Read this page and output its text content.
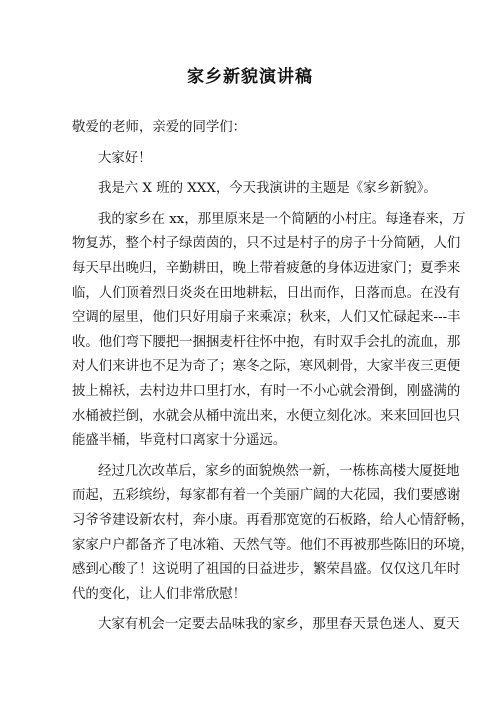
家乡新貌演讲稿
敬爱的老师，亲爱的同学们：
大家好！
我是六 X 班的 XXX，今天我演讲的主题是《家乡新貌》。
我的家乡在 xx，那里原来是一个简陋的小村庄。每逢春来，万
物复苏，整个村子绿茵茵的，只不过是村子的房子十分简陋，人们
每天早出晚归，辛勤耕田，晚上带着疲惫的身体迈进家门；夏季来
临，人们顶着烈日炎炎在田地耕耘，日出而作，日落而息。在没有
空调的屋里，他们只好用扇子来乘凉；秋来，人们又忙碌起来---丰
收。他们弯下腰把一捆捆麦杆往怀中抱，有时双手会扎的流血，那
对人们来讲也不足为奇了；寒冬之际，寒风刺骨，大家半夜三更便
披上棉袄，去村边井口里打水，有时一不小心就会滑倒，刚盛满的
水桶被拦倒，水就会从桶中流出来，水便立刻化冰。来来回回也只
能盛半桶，毕竟村口离家十分遥远。
经过几次改革后，家乡的面貌焕然一新，一栋栋高楼大厦挺地
而起，五彩缤纷，每家都有着一个美丽广阔的大花园，我们要感谢
习爷爷建设新农村，奔小康。再看那宽宽的石板路，给人心情舒畅，
家家户户都备齐了电冰箱、天然气等。他们不再被那些陈旧的环境，
感到心酸了！这说明了祖国的日益进步，繁荣昌盛。仅仅这几年时
代的变化，让人们非常欣慰！
大家有机会一定要去品味我的家乡，那里春天景色迷人、夏天
